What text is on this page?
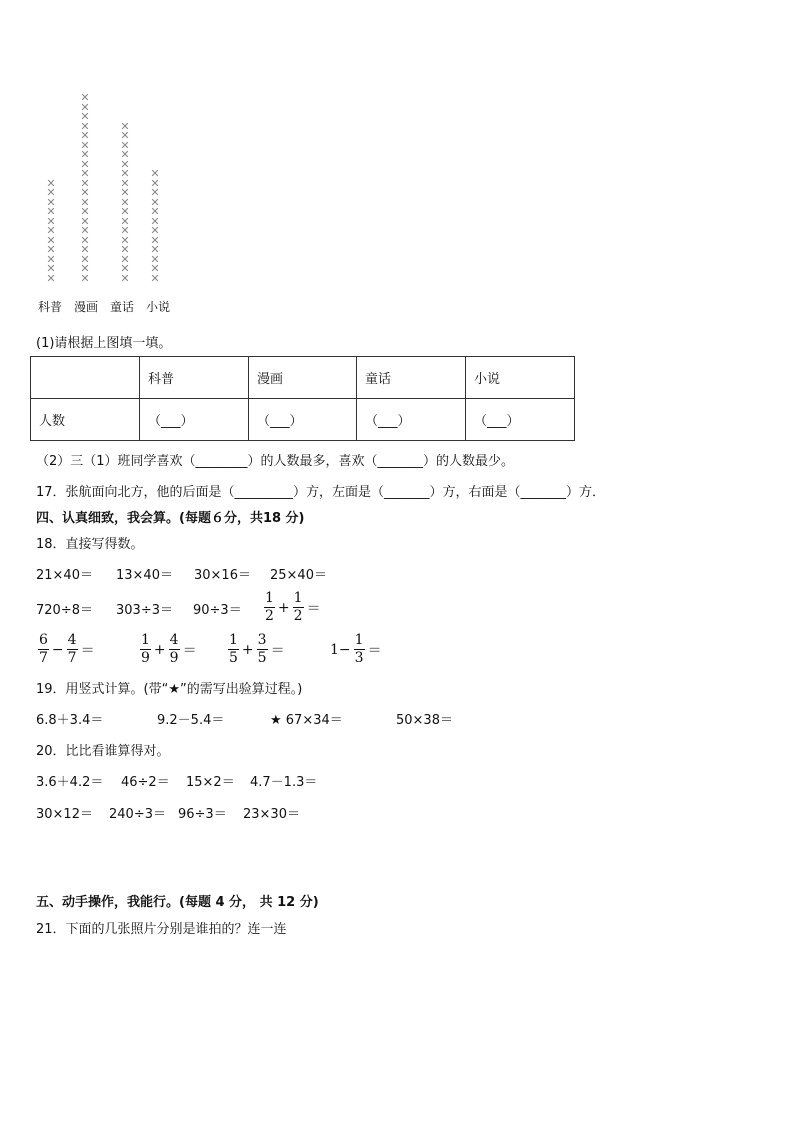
✕
✕
✕
✕
✕
✕
✕
✕
✕
✕
✕
✕
✕
✕
✕
✕
✕
✕
✕
✕
✕
✕
✕
✕
✕
✕
✕
✕
✕
✕
✕
✕
✕
✕
✕
✕
✕
✕
✕
✕
✕
✕
✕
✕
✕
✕
✕
✕
✕
✕
✕
✕
✕
✕
✕
✕
✕
✕
✕
✕
科普 漫画 童话 小说
(1)请根据上图填一填。
	科普	漫画	童话	小说
人数	（___）	（___）	（___）	（___）
（2）三（1）班同学喜欢（________）的人数最多，喜欢（_______）的人数最少。
17．张航面向北方，他的后面是（_________）方，左面是（_______）方，右面是（_______）方．
四、认真细致，我会算。(每题６分，共18 分)
18．直接写得数。
21×40＝ 13×40＝ 30×16＝ 25×40＝
$720\div 8= 303\div 3= 90\div 3= \frac{1}{2} + \frac{1}{2}$ ＝
$\frac{6}{7} - \frac{4}{7}$ ＝	$\frac{1}{9} + \frac{4}{9} = \frac{1}{5} + \frac{3}{5}$ ＝	$1- \frac{1}{3}$ ＝
19．用竖式计算。(带“★”的需写出验算过程。)
6.8＋3.4＝	9.2－5.4＝	★ 67×34＝	50×38＝
20．比比看谁算得对。
3.6＋4.2＝ 46÷2＝ 15×2＝ 4.7－1.3＝
30×12＝ 240÷3＝ 96÷3＝ 23×30＝
五、动手操作，我能行。(每题 4 分， 共 12 分)
21．下面的几张照片分别是谁拍的？连一连
